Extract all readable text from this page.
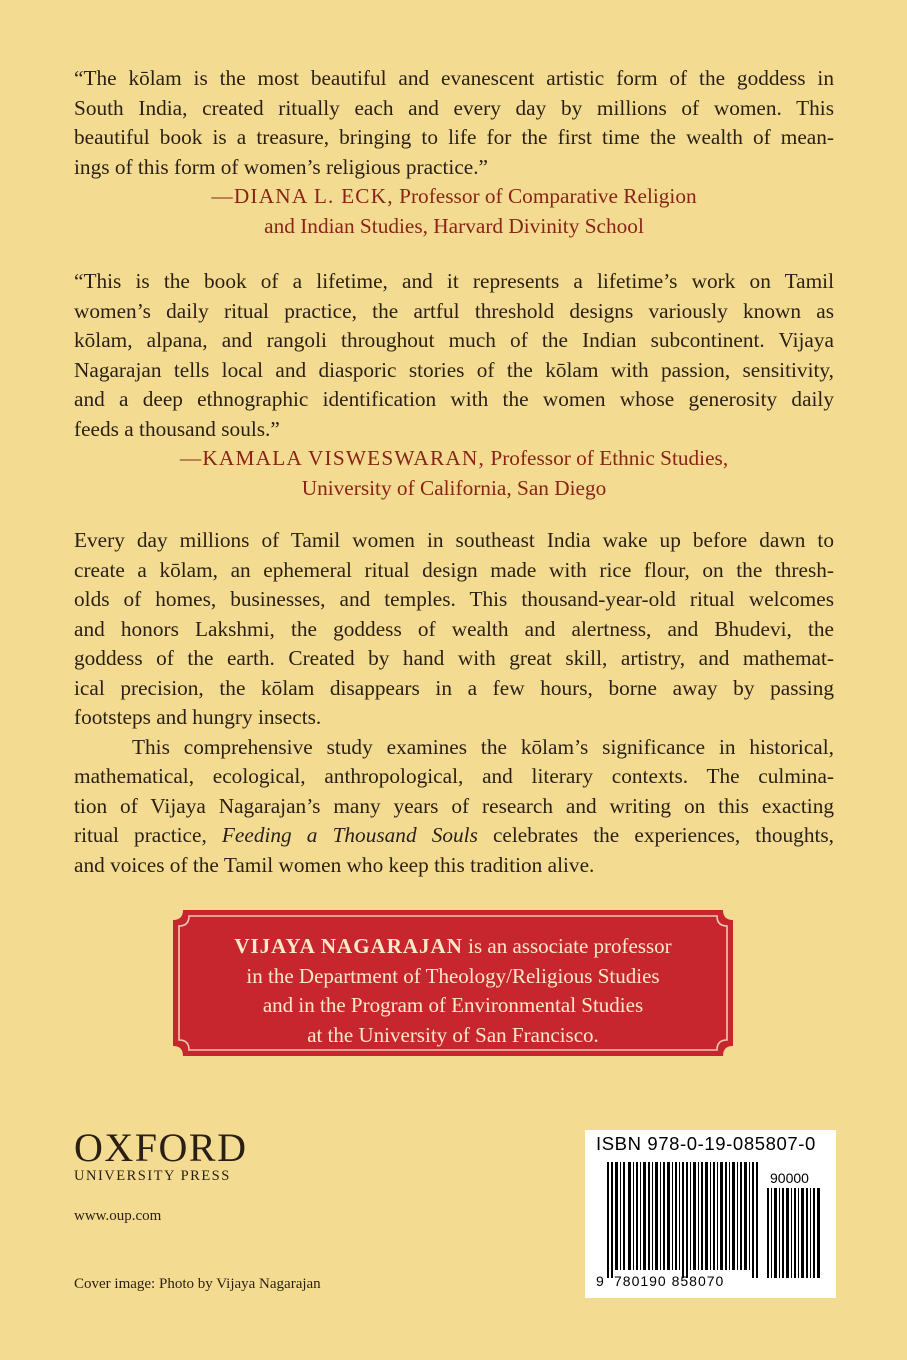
“The kōlam is the most beautiful and evanescent artistic form of the goddess in
South India, created ritually each and every day by millions of women. This
beautiful book is a treasure, bringing to life for the first time the wealth of mean-
ings of this form of women’s religious practice.”
—DIANA L. ECK, Professor of Comparative Religion
and Indian Studies, Harvard Divinity School
“This is the book of a lifetime, and it represents a lifetime’s work on Tamil
women’s daily ritual practice, the artful threshold designs variously known as
kōlam, alpana, and rangoli throughout much of the Indian subcontinent. Vijaya
Nagarajan tells local and diasporic stories of the kōlam with passion, sensitivity,
and a deep ethnographic identification with the women whose generosity daily
feeds a thousand souls.”
—KAMALA VISWESWARAN, Professor of Ethnic Studies,
University of California, San Diego
Every day millions of Tamil women in southeast India wake up before dawn to
create a kōlam, an ephemeral ritual design made with rice flour, on the thresh-
olds of homes, businesses, and temples. This thousand-year-old ritual welcomes
and honors Lakshmi, the goddess of wealth and alertness, and Bhudevi, the
goddess of the earth. Created by hand with great skill, artistry, and mathemat-
ical precision, the kōlam disappears in a few hours, borne away by passing
footsteps and hungry insects.
This comprehensive study examines the kōlam’s significance in historical,
mathematical, ecological, anthropological, and literary contexts. The culmina-
tion of Vijaya Nagarajan’s many years of research and writing on this exacting
ritual practice, Feeding a Thousand Souls celebrates the experiences, thoughts,
and voices of the Tamil women who keep this tradition alive.
VIJAYA NAGARAJAN is an associate professor
in the Department of Theology/Religious Studies
and in the Program of Environmental Studies
at the University of San Francisco.
OXFORD
UNIVERSITY PRESS
www.oup.com
Cover image: Photo by Vijaya Nagarajan
ISBN 978-0-19-085807-0
90000
9 780190 858070
